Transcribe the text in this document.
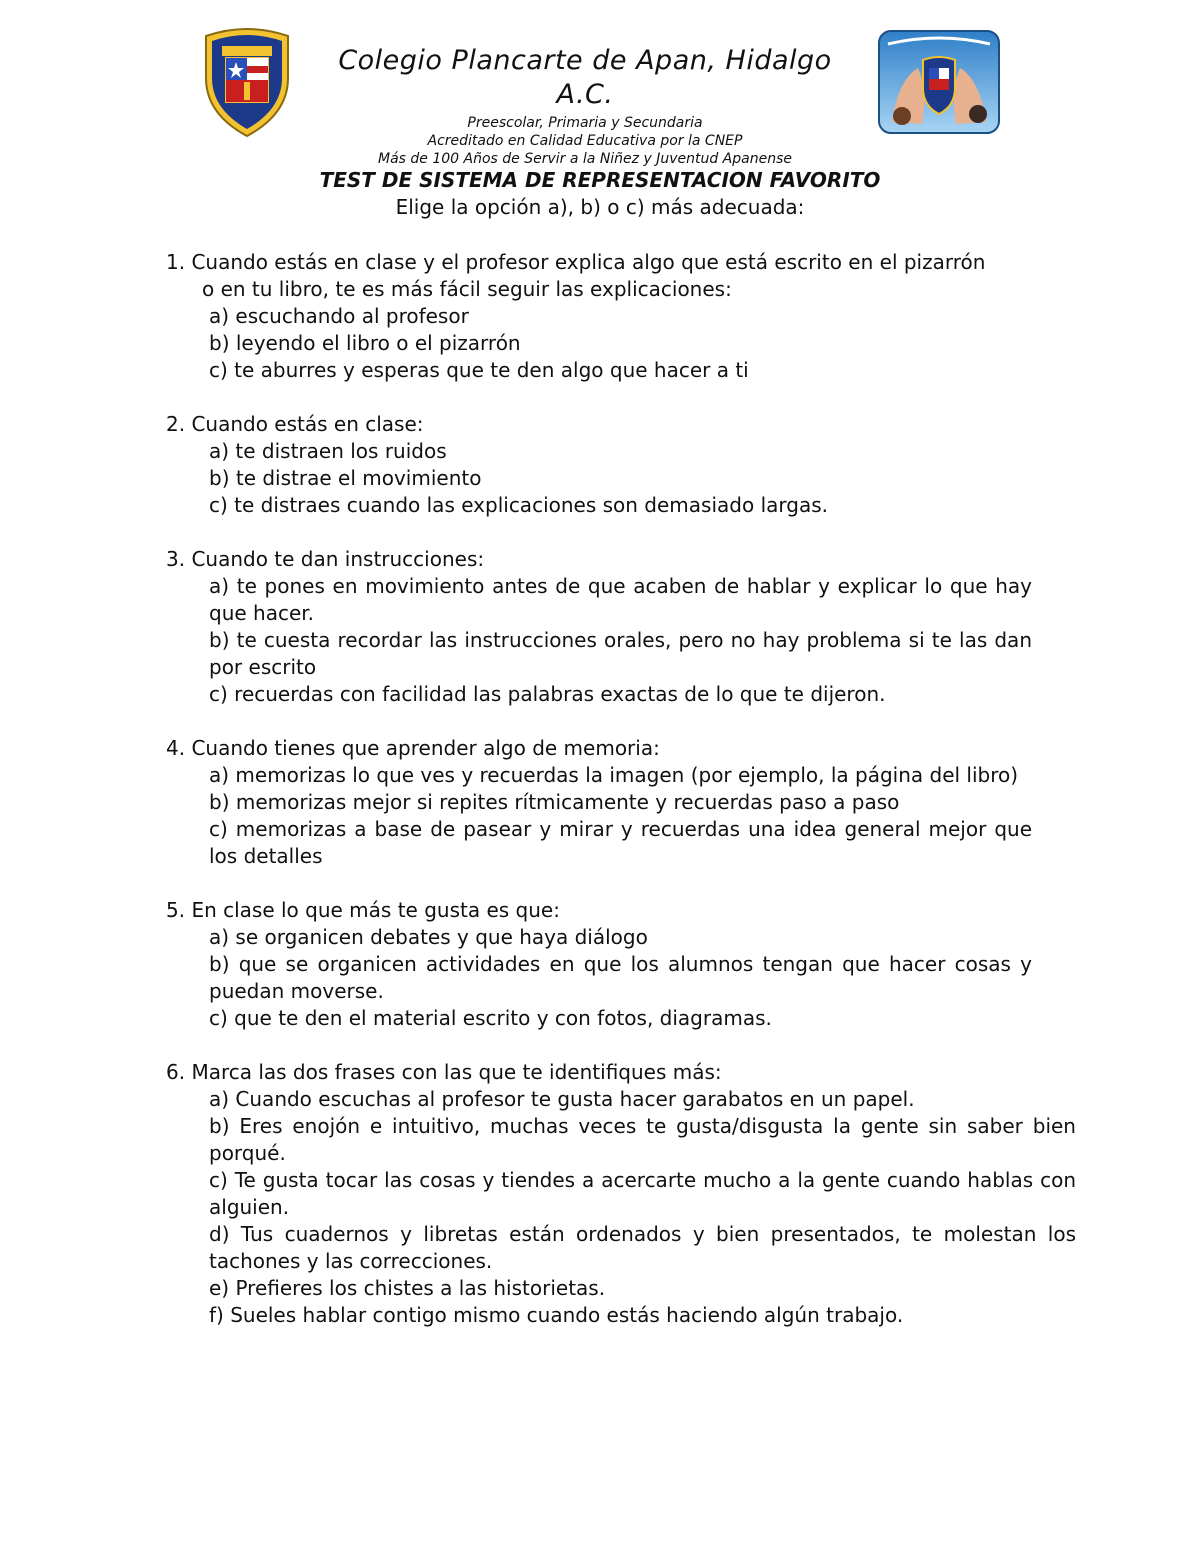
Colegio Plancarte de Apan, Hidalgo
A.C.
Preescolar, Primaria y Secundaria
Acreditado en Calidad Educativa por la CNEP
Más de 100 Años de Servir a la Niñez y Juventud Apanense
TEST DE SISTEMA DE REPRESENTACION FAVORITO
Elige la opción a), b) o c) más adecuada:
1. Cuando estás en clase y el profesor explica algo que está escrito en el pizarrón
o en tu libro, te es más fácil seguir las explicaciones:
a) escuchando al profesor
b) leyendo el libro o el pizarrón
c) te aburres y esperas que te den algo que hacer a ti
2. Cuando estás en clase:
a) te distraen los ruidos
b) te distrae el movimiento
c) te distraes cuando las explicaciones son demasiado largas.
3. Cuando te dan instrucciones:
a) te pones en movimiento antes de que acaben de hablar y explicar lo que hay que hacer.
b) te cuesta recordar las instrucciones orales, pero no hay problema si te las dan por escrito
c) recuerdas con facilidad las palabras exactas de lo que te dijeron.
4. Cuando tienes que aprender algo de memoria:
a) memorizas lo que ves y recuerdas la imagen (por ejemplo, la página del libro)
b) memorizas mejor si repites rítmicamente y recuerdas paso a paso
c) memorizas a base de pasear y mirar y recuerdas una idea general mejor que los detalles
5. En clase lo que más te gusta es que:
a) se organicen debates y que haya diálogo
b) que se organicen actividades en que los alumnos tengan que hacer cosas y puedan moverse.
c) que te den el material escrito y con fotos, diagramas.
6. Marca las dos frases con las que te identifiques más:
a) Cuando escuchas al profesor te gusta hacer garabatos en un papel.
b) Eres enojón e intuitivo, muchas veces te gusta/disgusta la gente sin saber bien porqué.
c) Te gusta tocar las cosas y tiendes a acercarte mucho a la gente cuando hablas con alguien.
d) Tus cuadernos y libretas están ordenados y bien presentados, te molestan los tachones y las correcciones.
e) Prefieres los chistes a las historietas.
f) Sueles hablar contigo mismo cuando estás haciendo algún trabajo.
